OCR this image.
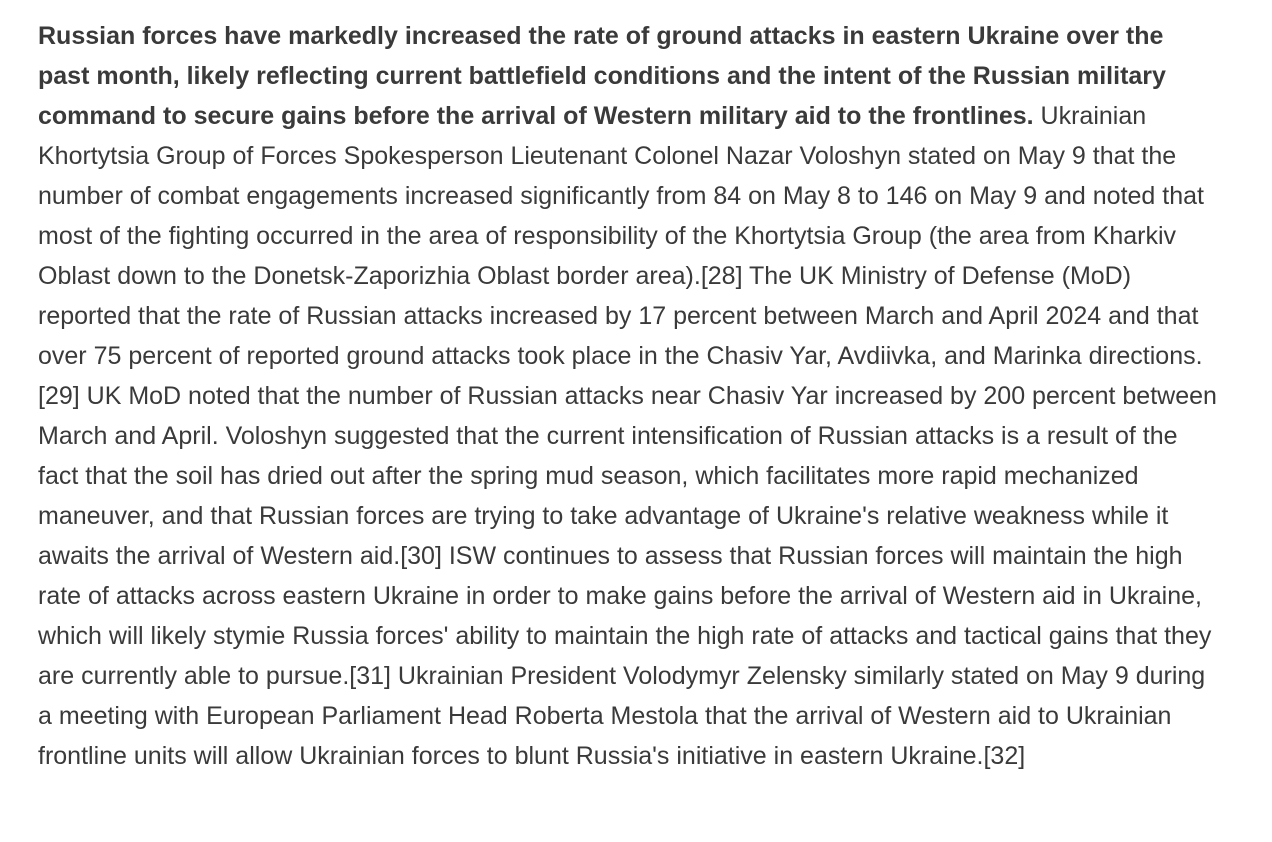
Russian forces have markedly increased the rate of ground attacks in eastern Ukraine over the past month, likely reflecting current battlefield conditions and the intent of the Russian military command to secure gains before the arrival of Western military aid to the frontlines. Ukrainian Khortytsia Group of Forces Spokesperson Lieutenant Colonel Nazar Voloshyn stated on May 9 that the number of combat engagements increased significantly from 84 on May 8 to 146 on May 9 and noted that most of the fighting occurred in the area of responsibility of the Khortytsia Group (the area from Kharkiv Oblast down to the Donetsk-Zaporizhia Oblast border area).[28] The UK Ministry of Defense (MoD) reported that the rate of Russian attacks increased by 17 percent between March and April 2024 and that over 75 percent of reported ground attacks took place in the Chasiv Yar, Avdiivka, and Marinka directions.[29] UK MoD noted that the number of Russian attacks near Chasiv Yar increased by 200 percent between March and April. Voloshyn suggested that the current intensification of Russian attacks is a result of the fact that the soil has dried out after the spring mud season, which facilitates more rapid mechanized maneuver, and that Russian forces are trying to take advantage of Ukraine's relative weakness while it awaits the arrival of Western aid.[30] ISW continues to assess that Russian forces will maintain the high rate of attacks across eastern Ukraine in order to make gains before the arrival of Western aid in Ukraine, which will likely stymie Russia forces' ability to maintain the high rate of attacks and tactical gains that they are currently able to pursue.[31] Ukrainian President Volodymyr Zelensky similarly stated on May 9 during a meeting with European Parliament Head Roberta Mestola that the arrival of Western aid to Ukrainian frontline units will allow Ukrainian forces to blunt Russia's initiative in eastern Ukraine.[32]
